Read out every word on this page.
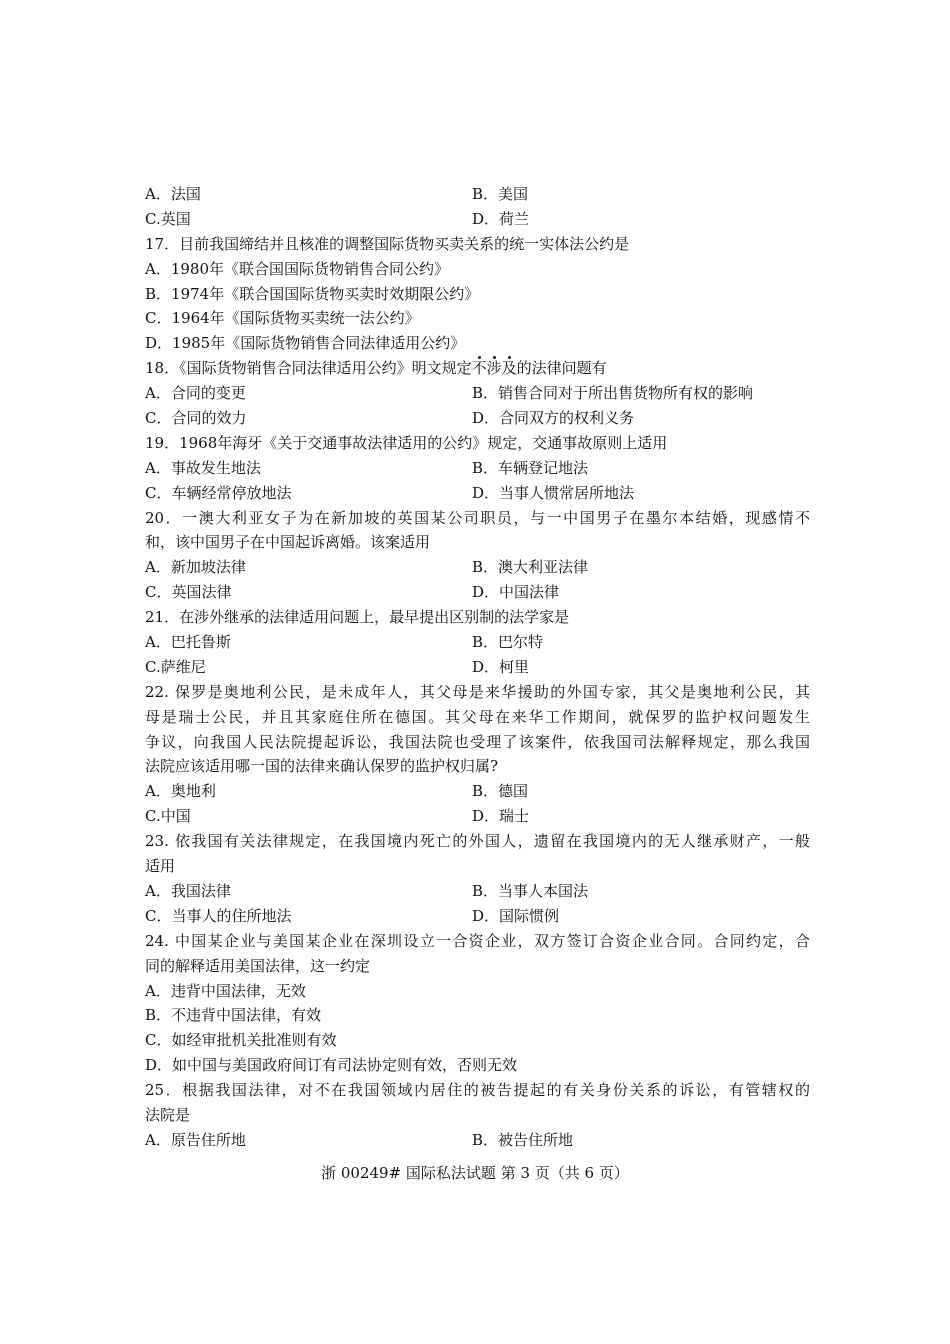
A．法国	B．美国
C.英国	D．荷兰
17．目前我国缔结并且核准的调整国际货物买卖关系的统一实体法公约是
A．1980年《联合国国际货物销售合同公约》
B．1974年《联合国国际货物买卖时效期限公约》
C．1964年《国际货物买卖统一法公约》
D．1985年《国际货物销售合同法律适用公约》
18．《国际货物销售合同法律适用公约》明文规定不涉及
的法律问题有
A．合同的变更	B．销售合同对于所出售货物所有权的影响
C．合同的效力	D．合同双方的权利义务
19．1968年海牙《关于交通事故法律适用的公约》规定，交通事故原则上适用
A．事故发生地法	B．车辆登记地法
C．车辆经常停放地法	D．当事人惯常居所地法
20．一澳大利亚女子为在新加坡的英国某公司职员，与一中国男子在墨尔本结婚，现感情不
和，该中国男子在中国起诉离婚。该案适用
A．新加坡法律	B．澳大利亚法律
C．英国法律	D．中国法律
21．在涉外继承的法律适用问题上，最早提出区别制的法学家是
A．巴托鲁斯	B．巴尔特
C.萨维尼	D．柯里
22. 保罗是奥地利公民，是未成年人，其父母是来华援助的外国专家，其父是奥地利公民，其
母是瑞士公民，并且其家庭住所在德国。其父母在来华工作期间，就保罗的监护权问题发生
争议，向我国人民法院提起诉讼，我国法院也受理了该案件，依我国司法解释规定，那么我国
法院应该适用哪一国的法律来确认保罗的监护权归属?
A．奥地利	B．德国
C.中国	D．瑞士
23. 依我国有关法律规定，在我国境内死亡的外国人，遗留在我国境内的无人继承财产，一般
适用
A．我国法律	B．当事人本国法
C．当事人的住所地法	D．国际惯例
24. 中国某企业与美国某企业在深圳设立一合资企业，双方签订合资企业合同。合同约定，合
同的解释适用美国法律，这一约定
A．违背中国法律，无效
B．不违背中国法律，有效
C．如经审批机关批准则有效
D．如中国与美国政府间订有司法协定则有效，否则无效
25．根据我国法律，对不在我国领域内居住的被告提起的有关身份关系的诉讼，有管辖权的
法院是
A．原告住所地	B．被告住所地
浙 00249# 国际私法试题 第 3 页（共 6 页）
